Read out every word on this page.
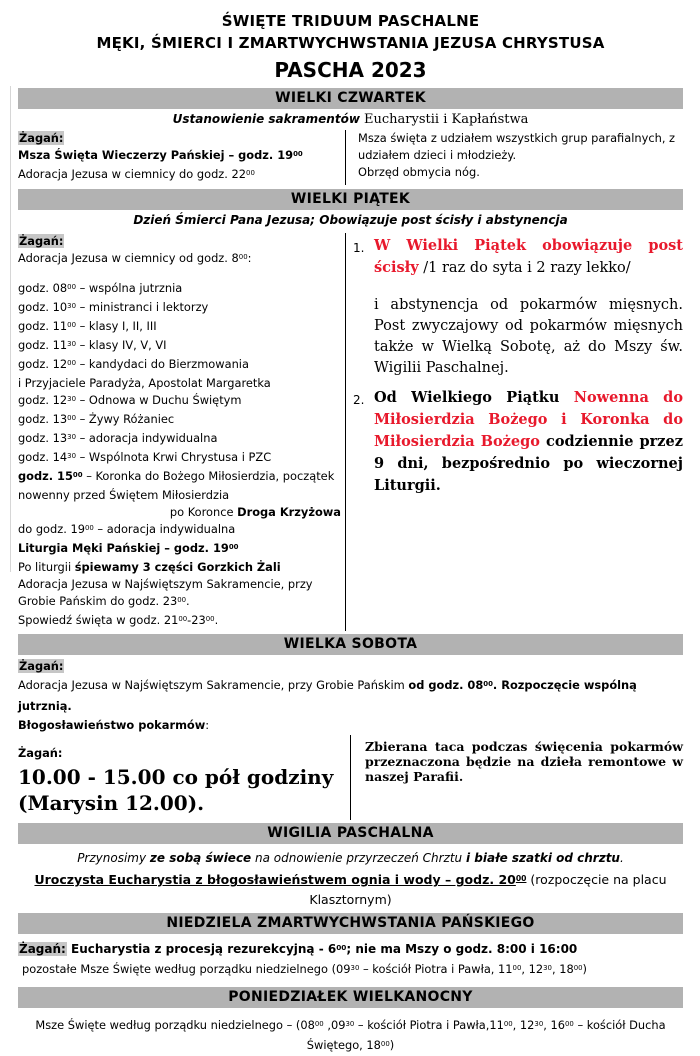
ŚWIĘTE TRIDUUM PASCHALNE
MĘKI, ŚMIERCI I ZMARTWYCHWSTANIA JEZUSA CHRYSTUSA
PASCHA 2023
WIELKI CZWARTEK
Ustanowienie sakramentów Eucharystii i Kapłaństwa
Żagań:
Msza Święta Wieczerzy Pańskiej – godz. $19^{00}$
Adoracja Jezusa w ciemnicy do godz. $22^{00}$
Msza święta z udziałem wszystkich grup parafialnych, z udziałem dzieci i młodzieży.
Obrzęd obmycia nóg.
WIELKI PIĄTEK
Dzień Śmierci Pana Jezusa; Obowiązuje post ścisły i abstynencja
Żagań:
Adoracja Jezusa w ciemnicy od godz. $8^{00}$:
godz. $08^{00}$ – wspólna jutrznia
godz. $10^{30}$ – ministranci i lektorzy
godz. $11^{00}$ – klasy I, II, III
godz. $11^{30}$ – klasy IV, V, VI
godz. $12^{00}$ – kandydaci do Bierzmowania
i Przyjaciele Paradyża, Apostolat Margaretka
godz. $12^{30}$ – Odnowa w Duchu Świętym
godz. $13^{00}$ – Żywy Różaniec
godz. $13^{30}$ – adoracja indywidualna
godz. $14^{30}$ – Wspólnota Krwi Chrystusa i PZC
godz. $15^{00}$ – Koronka do Bożego Miłosierdzia, początek
nowenny przed Świętem Miłosierdzia
po Koronce Droga Krzyżowa
do godz. $19^{00}$ – adoracja indywidualna
Liturgia Męki Pańskiej – godz. $19^{00}$
Po liturgii śpiewamy 3 części Gorzkich Żali
Adoracja Jezusa w Najświętszym Sakramencie, przy Grobie Pańskim do godz. $23^{00}$.
Spowiedź święta w godz. $21^{00}-23^{00}$.
1. W Wielki Piątek obowiązuje post ścisły /1 raz do syta i 2 razy lekko/
i abstynencja od pokarmów mięsnych. Post zwyczajowy od pokarmów mięsnych także w Wielką Sobotę, aż do Mszy św. Wigilii Paschalnej.
2. Od Wielkiego Piątku Nowenna do Miłosierdzia Bożego i Koronka do Miłosierdzia Bożego codziennie przez 9 dni, bezpośrednio po wieczornej Liturgii.
WIELKA SOBOTA
Żagań:
Adoracja Jezusa w Najświętszym Sakramencie, przy Grobie Pańskim od godz. $08^{00}$. Rozpoczęcie wspólną jutrznią.
Błogosławieństwo pokarmów:
Żagań:
10.00 - 15.00 co pół godziny
(Marysin 12.00).
Zbierana taca podczas święcenia pokarmów przeznaczona będzie na dzieła remontowe w naszej Parafii.
WIGILIA PASCHALNA
Przynosimy ze sobą świece na odnowienie przyrzeczeń Chrztu i białe szatki od chrztu.
Uroczysta Eucharystia z błogosławieństwem ognia i wody – godz. $20^{00}$ (rozpoczęcie na placu Klasztornym)
NIEDZIELA ZMARTWYCHWSTANIA PAŃSKIEGO
Żagań: Eucharystia z procesją rezurekcyjną - $6^{00}$; nie ma Mszy o godz. 8:00 i 16:00
pozostałe Msze Święte według porządku niedzielnego ($09^{30}$ – kościół Piotra i Pawła, $11^{00}$, $12^{30}$, $18^{00}$)
PONIEDZIAŁEK WIELKANOCNY
Msze Święte według porządku niedzielnego – ($08^{00}$ $,09^{30}$ – kościół Piotra i $Pawła,11^{00}$, $12^{30}$, $16^{00}$ – kościół Ducha Świętego, $18^{00}$)
